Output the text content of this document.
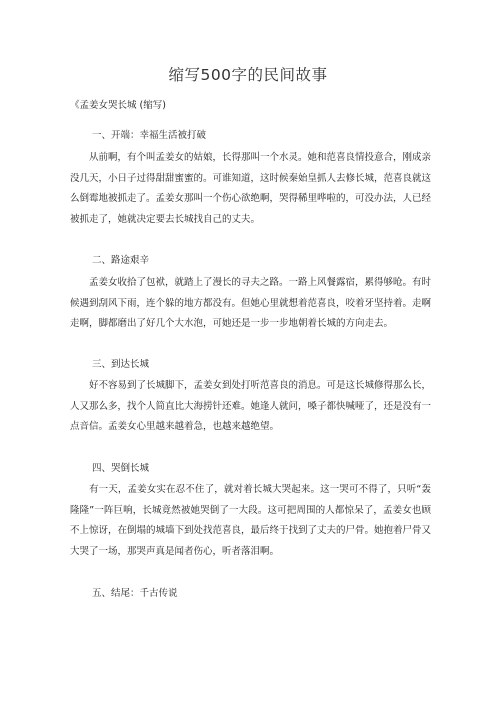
缩写500字的民间故事
《孟姜女哭长城 (缩写)
一、开端：幸福生活被打破

从前啊，有个叫孟姜女的姑娘，长得那叫一个水灵。她和范喜良情投意合，刚成亲没几天，小日子过得甜甜蜜蜜的。可谁知道，这时候秦始皇抓人去修长城，范喜良就这么倒霉地被抓走了。孟姜女那叫一个伤心欲绝啊，哭得稀里哗啦的，可没办法，人已经被抓走了，她就决定要去长城找自己的丈夫。

二、路途艰辛

孟姜女收拾了包袱，就踏上了漫长的寻夫之路。一路上风餐露宿，累得够呛。有时候遇到刮风下雨，连个躲的地方都没有。但她心里就想着范喜良，咬着牙坚持着。走啊走啊，脚都磨出了好几个大水泡，可她还是一步一步地朝着长城的方向走去。

三、到达长城

好不容易到了长城脚下，孟姜女到处打听范喜良的消息。可是这长城修得那么长，人又那么多，找个人简直比大海捞针还难。她逢人就问，嗓子都快喊哑了，还是没有一点音信。孟姜女心里越来越着急，也越来越绝望。

四、哭倒长城

有一天，孟姜女实在忍不住了，就对着长城大哭起来。这一哭可不得了，只听“轰隆隆”一阵巨响，长城竟然被她哭倒了一大段。这可把周围的人都惊呆了，孟姜女也顾不上惊讶，在倒塌的城墙下到处找范喜良，最后终于找到了丈夫的尸骨。她抱着尸骨又大哭了一场，那哭声真是闻者伤心，听者落泪啊。

五、结尾：千古传说
